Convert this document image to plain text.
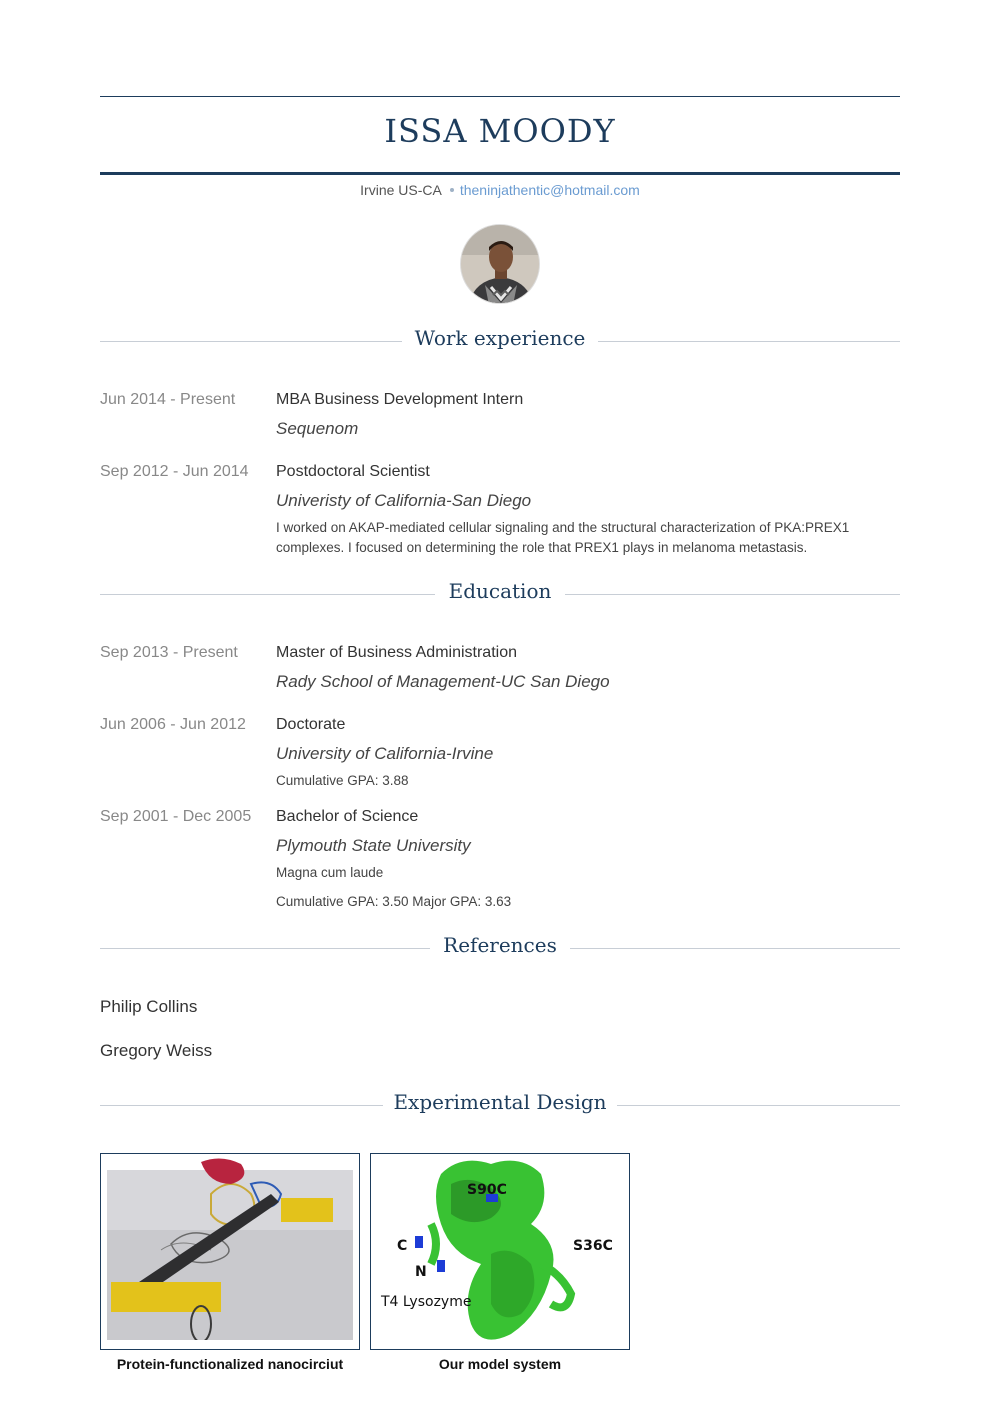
ISSA MOODY
Irvine US-CA theninjathentic@hotmail.com
Work experience
Jun 2014 - Present	MBA Business Development Intern
Sequenom
Sep 2012 - Jun 2014 Postdoctoral Scientist
Univeristy of California-San Diego
I worked on AKAP-mediated cellular signaling and the structural characterization of PKA:PREX1 complexes. I focused on determining the role that PREX1 plays in melanoma metastasis.
Education
Sep 2013 - Present Master of Business Administration
Rady School of Management-UC San Diego
Jun 2006 - Jun 2012 Doctorate
University of California-Irvine
Cumulative GPA: 3.88
Sep 2001 - Dec 2005 Bachelor of Science
Plymouth State University
Magna cum laude
Cumulative GPA: 3.50 Major GPA: 3.63
References
Philip Collins
Gregory Weiss
Experimental Design
Protein-functionalized nanocirciut
S90C
S36C
C
N
T4 Lysozyme
Our model system
